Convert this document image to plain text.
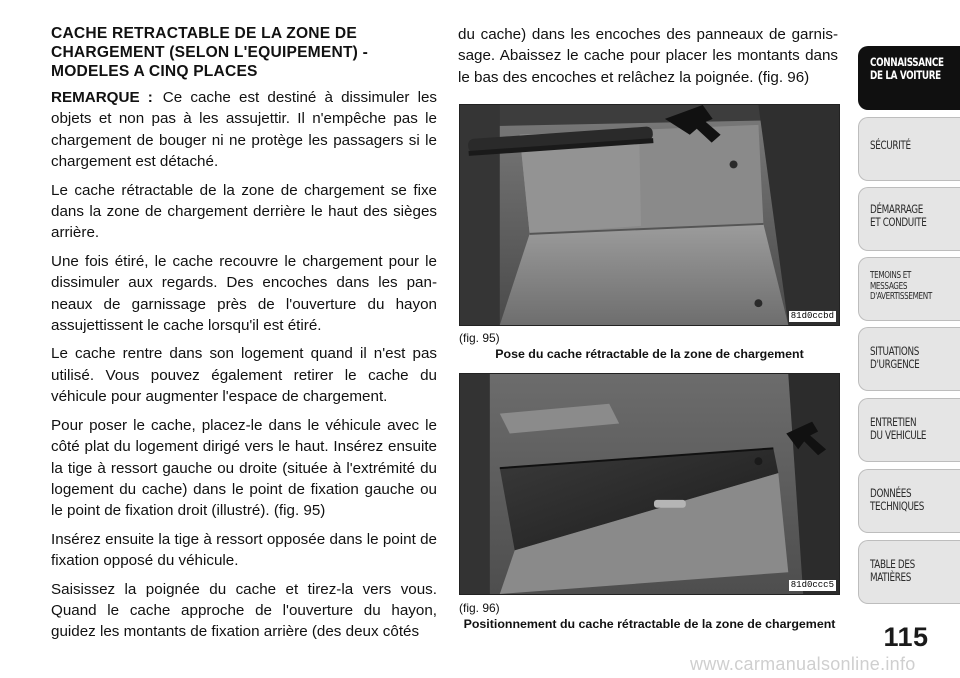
CACHE RETRACTABLE DE LA ZONE DE CHARGEMENT (SELON L'EQUIPEMENT) - MODELES A CINQ PLACES

REMARQUE : Ce cache est destiné à dissimuler les objets et non pas à les assujettir. Il n'empêche pas le chargement de bouger ni ne protège les passagers si le chargement est détaché.

Le cache rétractable de la zone de chargement se fixe dans la zone de chargement derrière le haut des sièges arrière.

Une fois étiré, le cache recouvre le chargement pour le dissimuler aux regards. Des encoches dans les panneaux de garnissage près de l'ouverture du hayon assujettissent le cache lorsqu'il est étiré.

Le cache rentre dans son logement quand il n'est pas utilisé. Vous pouvez également retirer le cache du véhicule pour augmenter l'espace de chargement.

Pour poser le cache, placez-le dans le véhicule avec le côté plat du logement dirigé vers le haut. Insérez ensuite la tige à ressort gauche ou droite (située à l'extrémité du logement du cache) dans le point de fixation gauche ou le point de fixation droit (illustré). (fig. 95)

Insérez ensuite la tige à ressort opposée dans le point de fixation opposé du véhicule.

Saisissez la poignée du cache et tirez-la vers vous. Quand le cache approche de l'ouverture du hayon, guidez les montants de fixation arrière (des deux côtés

du cache) dans les encoches des panneaux de garnissage. Abaissez le cache pour placer les montants dans le bas des encoches et relâchez la poignée. (fig. 96)

81d0ccbd
(fig. 95)
Pose du cache rétractable de la zone de chargement
81d0ccc5
(fig. 96)
Positionnement du cache rétractable de la zone de chargement
CONNAISSANCE
DE LA VOITURE
SÉCURITÉ
DÉMARRAGE
ET CONDUITE
TEMOINS ET
MESSAGES
D'AVERTISSEMENT
SITUATIONS
D'URGENCE
ENTRETIEN
DU VEHICULE
DONNÉES
TECHNIQUES
TABLE DES
MATIÈRES
115
www.carmanualsonline.info
